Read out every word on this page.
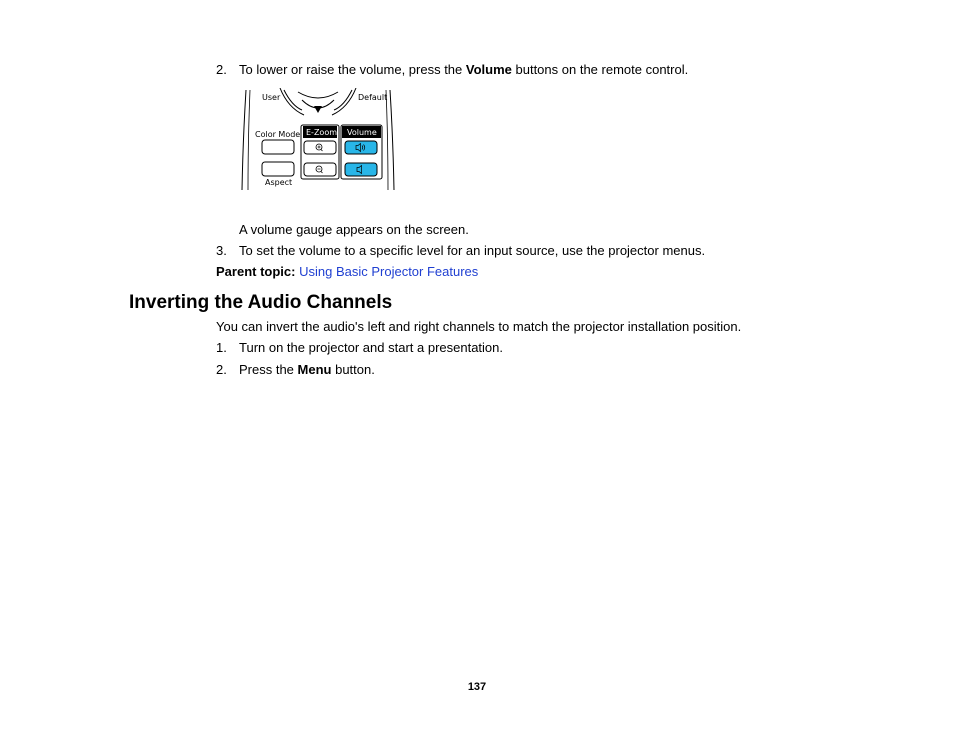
2. To lower or raise the volume, press the Volume buttons on the remote control.
User	Default
Color Mode E-Zoom Volume
Aspect
A volume gauge appears on the screen.
3. To set the volume to a specific level for an input source, use the projector menus.
Parent topic: Using Basic Projector Features
Inverting the Audio Channels
You can invert the audio's left and right channels to match the projector installation position.
1. Turn on the projector and start a presentation.
2. Press the Menu button.
137
